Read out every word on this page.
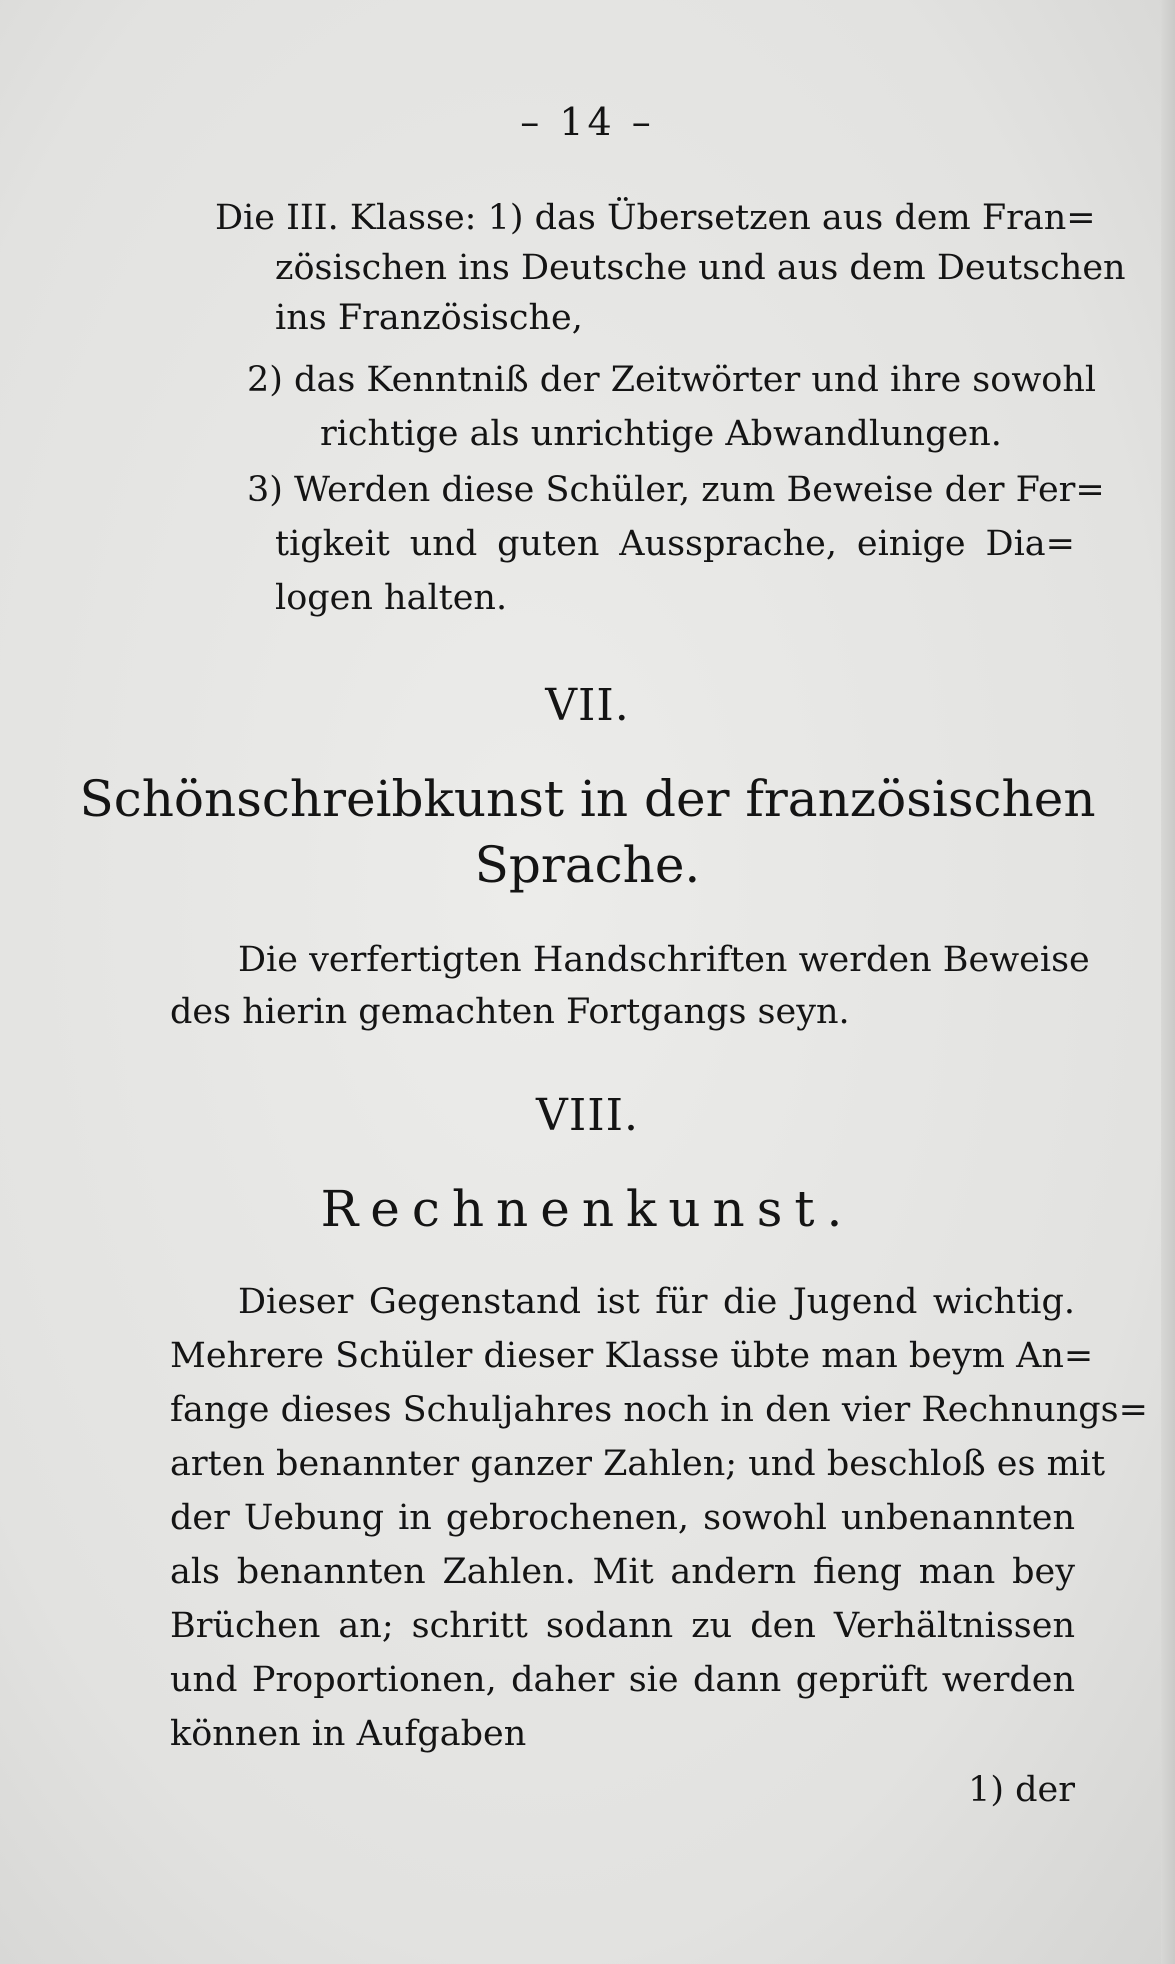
– 14 –

Die III. Klasse: 1) das Übersetzen aus dem Fran=

zösischen ins Deutsche und aus dem Deutschen

ins Französische,

2) das Kenntniß der Zeitwörter und ihre sowohl

richtige als unrichtige Abwandlungen.

3) Werden diese Schüler, zum Beweise der Fer=

tigkeit und guten Aussprache, einige Dia=

logen halten.

VII.
Schönschreibkunst in der französischen
Sprache.

Die verfertigten Handschriften werden Beweise

des hierin gemachten Fortgangs seyn.

VIII.
Rechnenkunst.

Dieser Gegenstand ist für die Jugend wichtig.

Mehrere Schüler dieser Klasse übte man beym An=

fange dieses Schuljahres noch in den vier Rechnungs=

arten benannter ganzer Zahlen; und beschloß es mit

der Uebung in gebrochenen, sowohl unbenannten

als benannten Zahlen. Mit andern fieng man bey

Brüchen an; schritt sodann zu den Verhältnissen

und Proportionen, daher sie dann geprüft werden

können in Aufgaben

1) der
